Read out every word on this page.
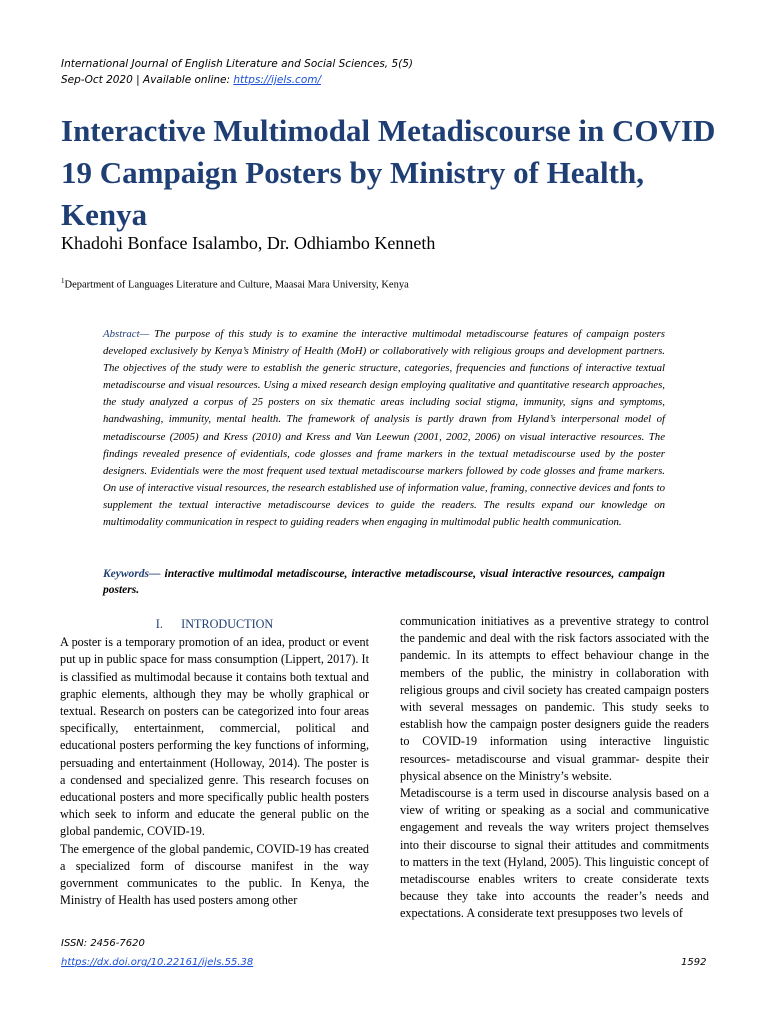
International Journal of English Literature and Social Sciences, 5(5)
Sep-Oct 2020 | Available online: https://ijels.com/
Interactive Multimodal Metadiscourse in COVID 19 Campaign Posters by Ministry of Health, Kenya
Khadohi Bonface Isalambo, Dr. Odhiambo Kenneth
$^1$Department of Languages Literature and Culture, Maasai Mara University, Kenya
Abstract— The purpose of this study is to examine the interactive multimodal metadiscourse features of campaign posters developed exclusively by Kenya’s Ministry of Health (MoH) or collaboratively with religious groups and development partners. The objectives of the study were to establish the generic structure, categories, frequencies and functions of interactive textual metadiscourse and visual resources. Using a mixed research design employing qualitative and quantitative research approaches, the study analyzed a corpus of 25 posters on six thematic areas including social stigma, immunity, signs and symptoms, handwashing, immunity, mental health. The framework of analysis is partly drawn from Hyland’s interpersonal model of metadiscourse (2005) and Kress (2010) and Kress and Van Leewun (2001, 2002, 2006) on visual interactive resources. The findings revealed presence of evidentials, code glosses and frame markers in the textual metadiscourse used by the poster designers. Evidentials were the most frequent used textual metadiscourse markers followed by code glosses and frame markers. On use of interactive visual resources, the research established use of information value, framing, connective devices and fonts to supplement the textual interactive metadiscourse devices to guide the readers. The results expand our knowledge on multimodality communication in respect to guiding readers when engaging in multimodal public health communication.
Keywords— interactive multimodal metadiscourse, interactive metadiscourse, visual interactive resources, campaign posters.
I.      INTRODUCTION

A poster is a temporary promotion of an idea, product or event put up in public space for mass consumption (Lippert, 2017). It is classified as multimodal because it contains both textual and graphic elements, although they may be wholly graphical or textual. Research on posters can be categorized into four areas specifically, entertainment, commercial, political and educational posters performing the key functions of informing, persuading and entertainment (Holloway, 2014). The poster is a condensed and specialized genre. This research focuses on educational posters and more specifically public health posters which seek to inform and educate the general public on the global pandemic, COVID-19.

The emergence of the global pandemic, COVID-19 has created a specialized form of discourse manifest in the way government communicates to the public. In Kenya, the Ministry of Health has used posters among other

communication initiatives as a preventive strategy to control the pandemic and deal with the risk factors associated with the pandemic. In its attempts to effect behaviour change in the members of the public, the ministry in collaboration with religious groups and civil society has created campaign posters with several messages on pandemic. This study seeks to establish how the campaign poster designers guide the readers to COVID-19 information using interactive linguistic resources- metadiscourse and visual grammar- despite their physical absence on the Ministry’s website.

Metadiscourse is a term used in discourse analysis based on a view of writing or speaking as a social and communicative engagement and reveals the way writers project themselves into their discourse to signal their attitudes and commitments to matters in the text (Hyland, 2005). This linguistic concept of metadiscourse enables writers to create considerate texts because they take into accounts the reader’s needs and expectations. A considerate text presupposes two levels of

ISSN: 2456-7620
https://dx.doi.org/10.22161/ijels.55.38	1592
